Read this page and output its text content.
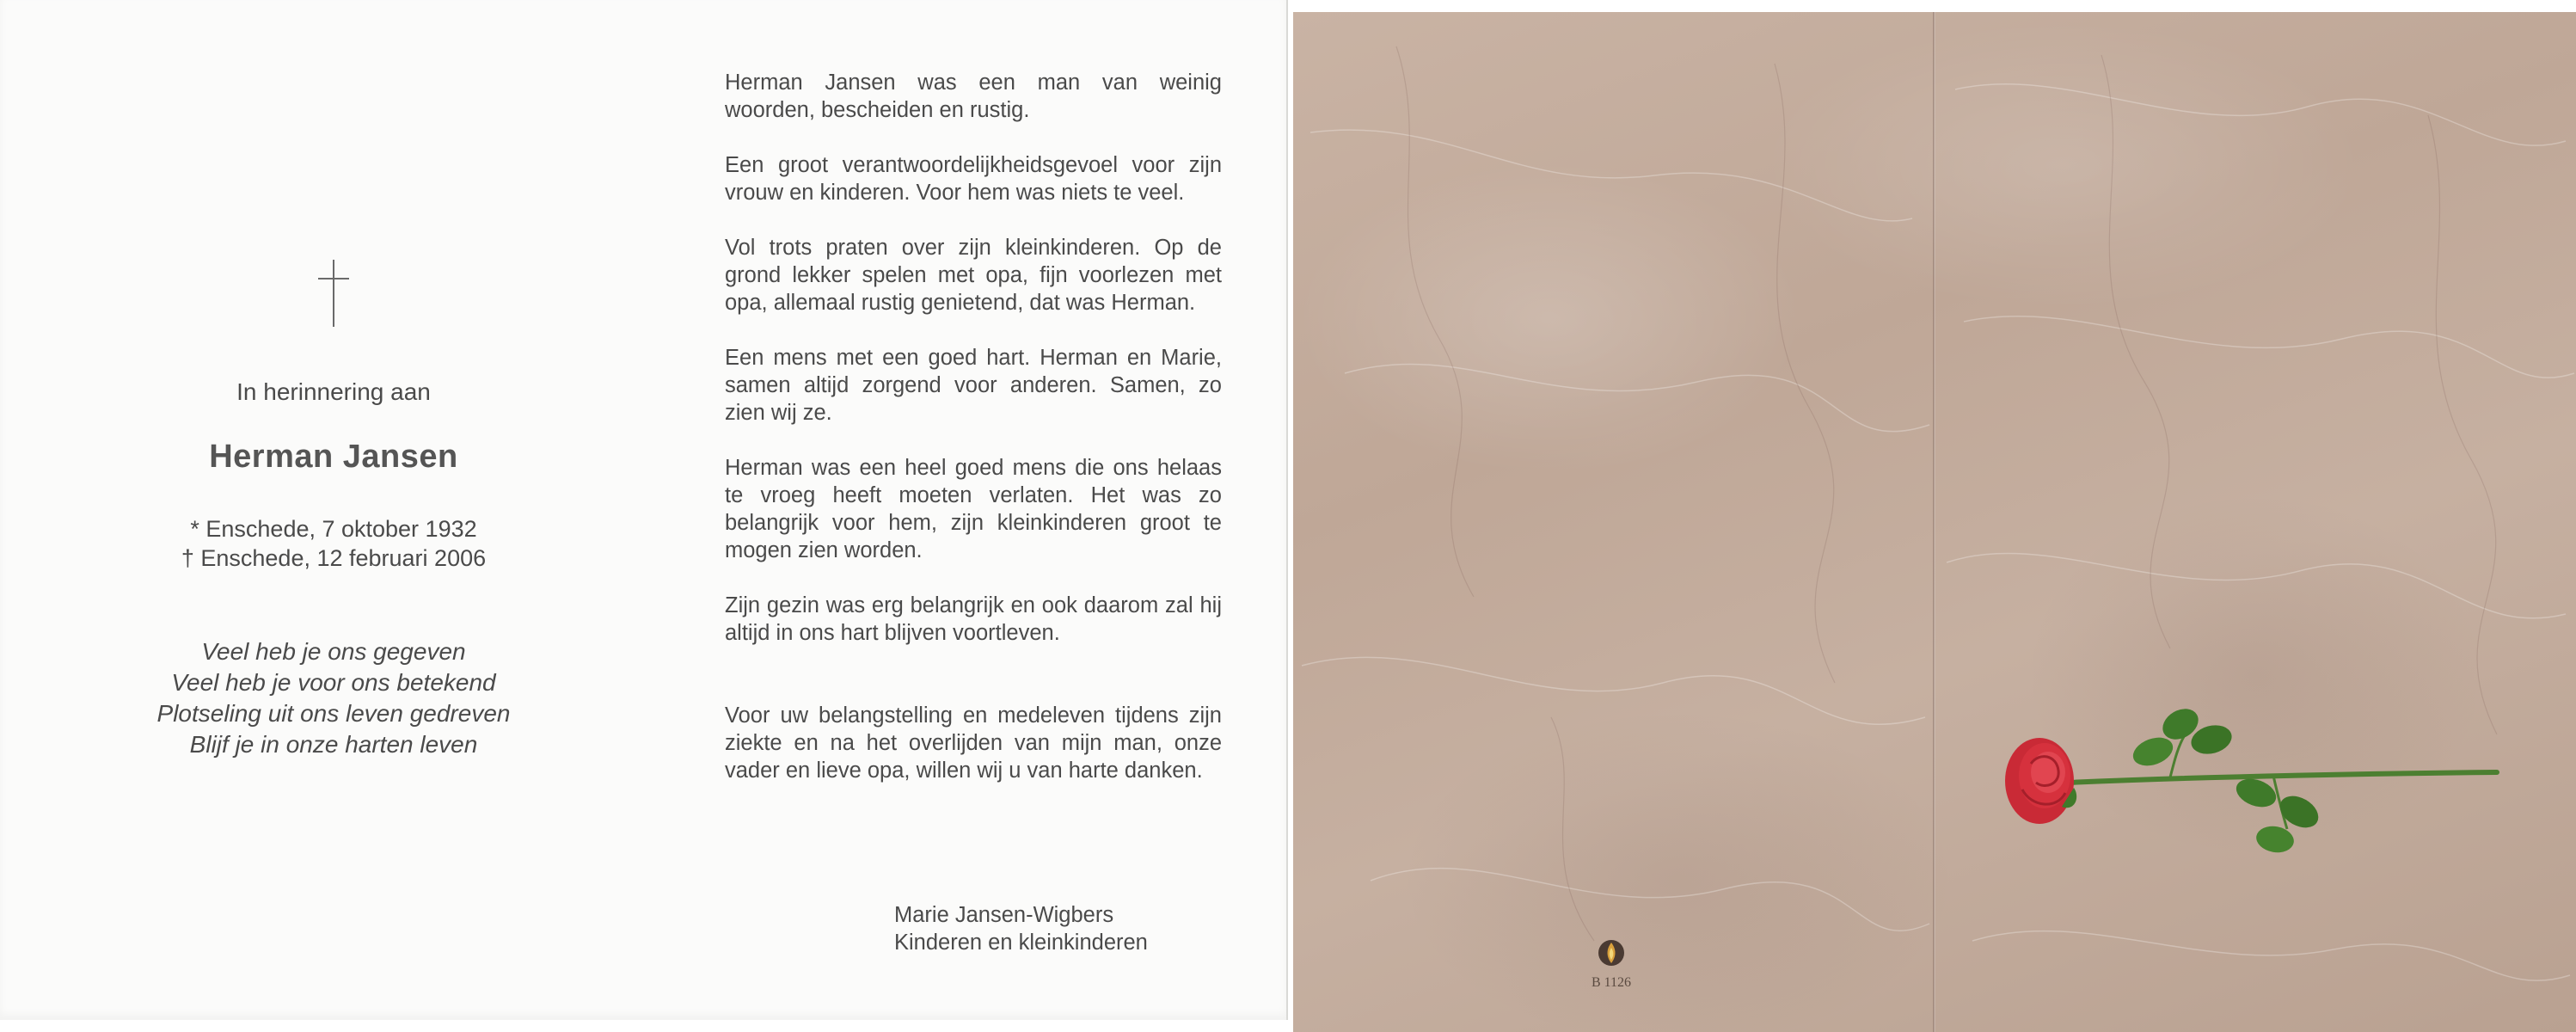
In herinnering aan
Herman Jansen
* Enschede, 7 oktober 1932
† Enschede, 12 februari 2006
Veel heb je ons gegeven
Veel heb je voor ons betekend
Plotseling uit ons leven gedreven
Blijf je in onze harten leven

Herman Jansen was een man van weinig woorden, bescheiden en rustig.

Een groot verantwoordelijkheidsgevoel voor zijn vrouw en kinderen. Voor hem was niets te veel.

Vol trots praten over zijn kleinkinderen. Op de grond lekker spelen met opa, fijn voorlezen met opa, allemaal rustig genietend, dat was Herman.

Een mens met een goed hart. Herman en Marie, samen altijd zorgend voor anderen. Samen, zo zien wij ze.

Herman was een heel goed mens die ons helaas te vroeg heeft moeten verlaten. Het was zo belangrijk voor hem, zijn kleinkinderen groot te mogen zien worden.

Zijn gezin was erg belangrijk en ook daarom zal hij altijd in ons hart blijven voortleven.

Voor uw belangstelling en medeleven tijdens zijn ziekte en na het overlijden van mijn man, onze vader en lieve opa, willen wij u van harte danken.

Marie Jansen-Wigbers
Kinderen en kleinkinderen
B 1126
